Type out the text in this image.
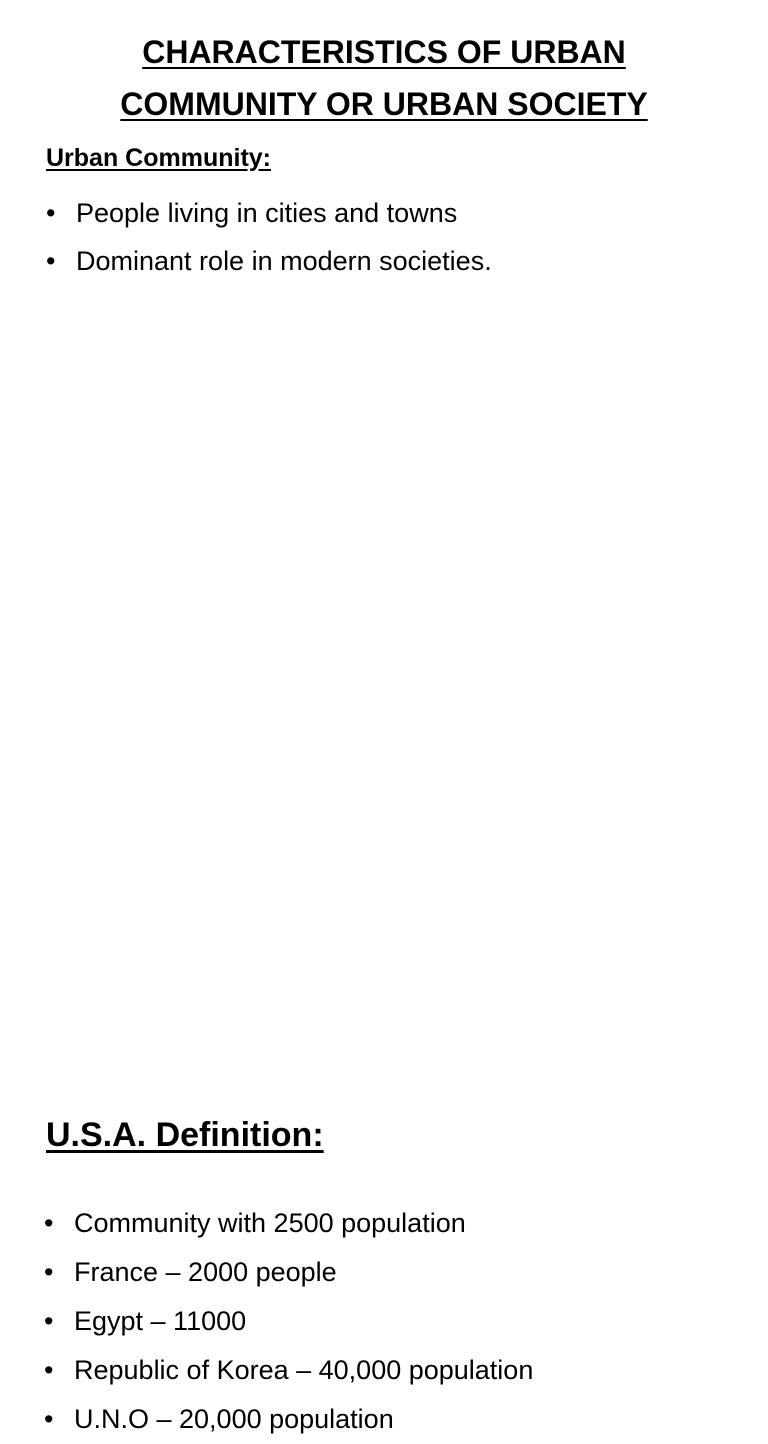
CHARACTERISTICS OF URBAN
COMMUNITY OR URBAN SOCIETY
Urban Community:
• People living in cities and towns
• Dominant role in modern societies.
U.S.A. Definition:
• Community with 2500 population
• France – 2000 people
• Egypt – 11000
• Republic of Korea – 40,000 population
• U.N.O – 20,000 population
